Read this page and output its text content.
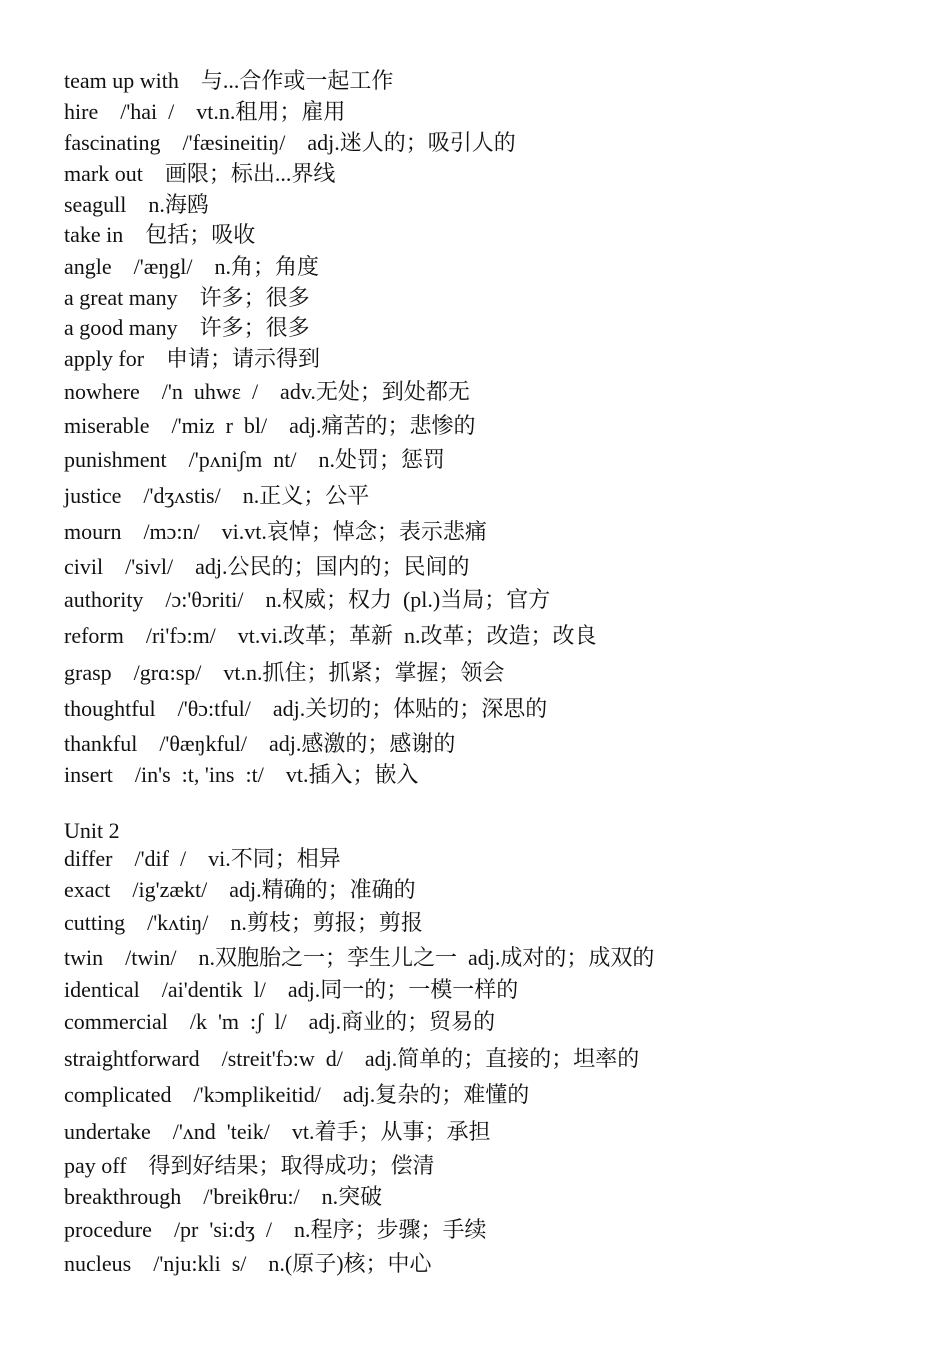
team up with    与...合作或一起工作
hire    /'hai  /    vt.n.租用；雇用
fascinating    /'fæsineitiŋ/    adj.迷人的；吸引人的
mark out    画限；标出...界线
seagull    n.海鸥
take in    包括；吸收
angle    /'æŋgl/    n.角；角度
a great many    许多；很多
a good many    许多；很多
apply for    申请；请示得到
nowhere    /'n  uhwɛ  /    adv.无处；到处都无
miserable    /'miz  r  bl/    adj.痛苦的；悲惨的
punishment    /'pʌniʃm  nt/    n.处罚；惩罚
justice    /'dʒʌstis/    n.正义；公平
mourn    /mɔ:n/    vi.vt.哀悼；悼念；表示悲痛
civil    /'sivl/    adj.公民的；国内的；民间的
authority    /ɔ:'θɔriti/    n.权威；权力  (pl.)当局；官方
reform    /ri'fɔ:m/    vt.vi.改革；革新  n.改革；改造；改良
grasp    /grɑ:sp/    vt.n.抓住；抓紧；掌握；领会
thoughtful    /'θɔ:tful/    adj.关切的；体贴的；深思的
thankful    /'θæŋkful/    adj.感激的；感谢的
insert    /in's  :t, 'ins  :t/    vt.插入；嵌入
Unit 2
differ    /'dif  /    vi.不同；相异
exact    /ig'zækt/    adj.精确的；准确的
cutting    /'kʌtiŋ/    n.剪枝；剪报；剪报
twin    /twin/    n.双胞胎之一；孪生儿之一  adj.成对的；成双的
identical    /ai'dentik  l/    adj.同一的；一模一样的
commercial    /k  'm  :ʃ  l/    adj.商业的；贸易的
straightforward    /streit'fɔ:w  d/    adj.简单的；直接的；坦率的
complicated    /'kɔmplikeitid/    adj.复杂的；难懂的
undertake    /'ʌnd  'teik/    vt.着手；从事；承担
pay off    得到好结果；取得成功；偿清
breakthrough    /'breikθru:/    n.突破
procedure    /pr  'si:dʒ  /    n.程序；步骤；手续
nucleus    /'nju:kli  s/    n.(原子)核；中心
